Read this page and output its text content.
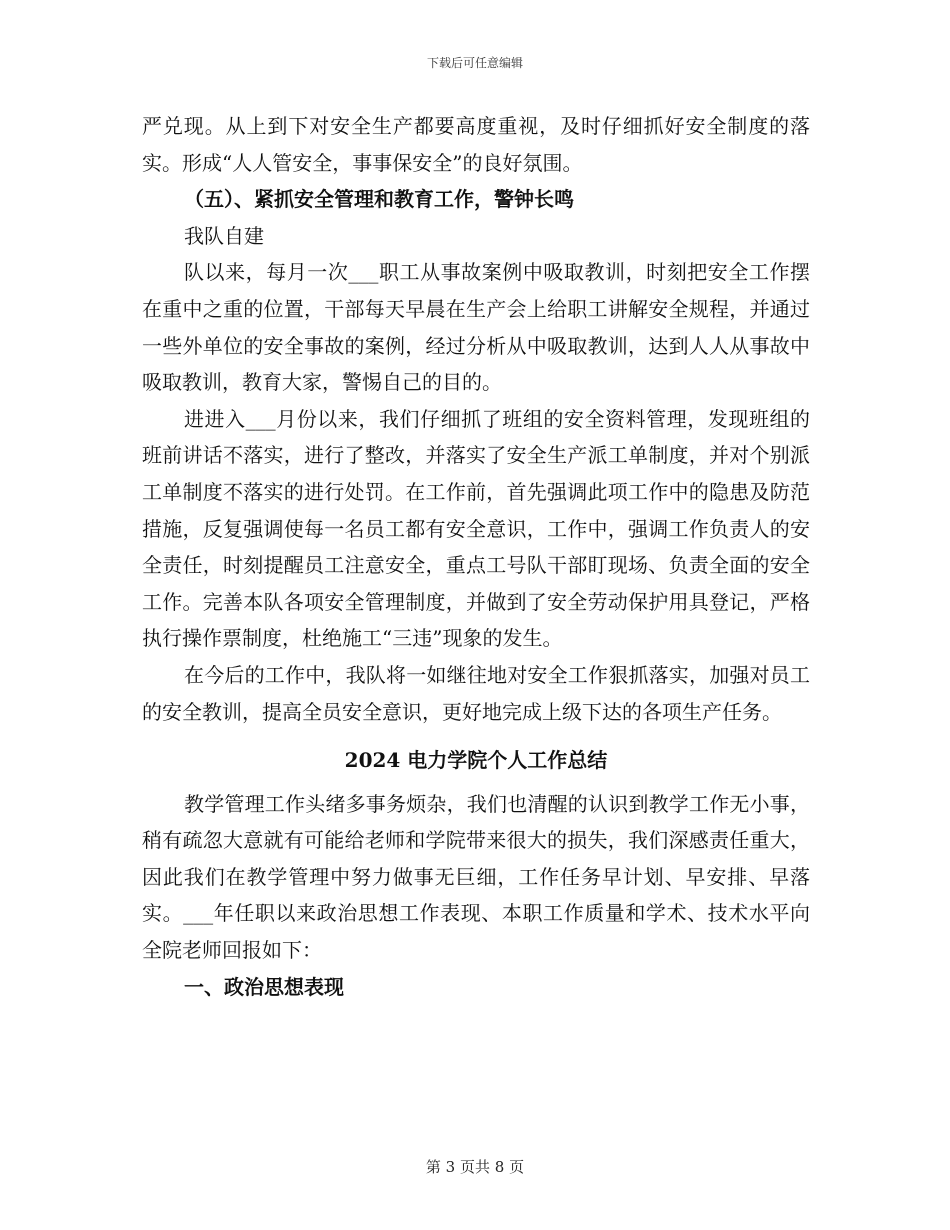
下载后可任意编辑

严兑现。从上到下对安全生产都要高度重视，及时仔细抓好安全制度的落实。形成“人人管安全，事事保安全”的良好氛围。

（五）、紧抓安全管理和教育工作，警钟长鸣

我队自建

队以来，每月一次___职工从事故案例中吸取教训，时刻把安全工作摆在重中之重的位置，干部每天早晨在生产会上给职工讲解安全规程，并通过一些外单位的安全事故的案例，经过分析从中吸取教训，达到人人从事故中吸取教训，教育大家，警惕自己的目的。

进进入___月份以来，我们仔细抓了班组的安全资料管理，发现班组的班前讲话不落实，进行了整改，并落实了安全生产派工单制度，并对个别派工单制度不落实的进行处罚。在工作前，首先强调此项工作中的隐患及防范措施，反复强调使每一名员工都有安全意识，工作中，强调工作负责人的安全责任，时刻提醒员工注意安全，重点工号队干部盯现场、负责全面的安全工作。完善本队各项安全管理制度，并做到了安全劳动保护用具登记，严格执行操作票制度，杜绝施工“三违”现象的发生。

在今后的工作中，我队将一如继往地对安全工作狠抓落实，加强对员工的安全教训，提高全员安全意识，更好地完成上级下达的各项生产任务。

2024 电力学院个人工作总结

教学管理工作头绪多事务烦杂，我们也清醒的认识到教学工作无小事，稍有疏忽大意就有可能给老师和学院带来很大的损失，我们深感责任重大，因此我们在教学管理中努力做事无巨细，工作任务早计划、早安排、早落实。___年任职以来政治思想工作表现、本职工作质量和学术、技术水平向全院老师回报如下：

一、政治思想表现

第 3 页共 8 页
